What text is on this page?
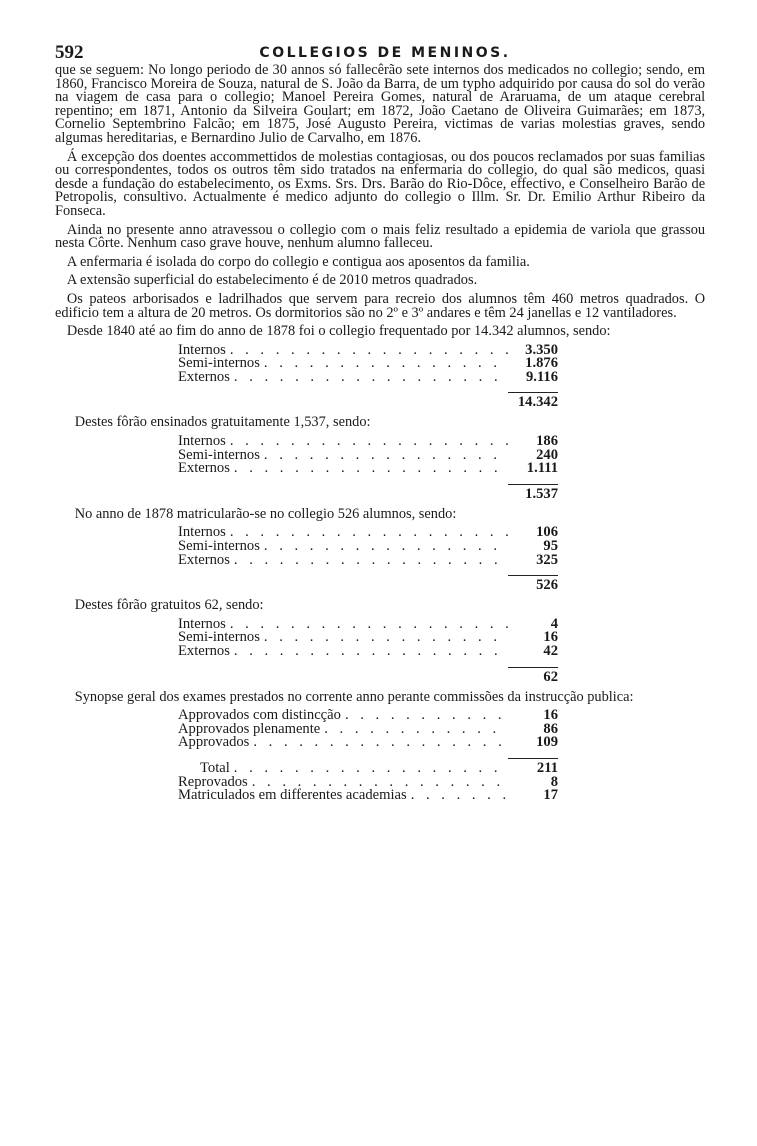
592	COLLEGIOS DE MENINOS.

que se seguem: No longo periodo de 30 annos só fallecêrão sete internos dos medicados no collegio; sendo, em 1860, Francisco Moreira de Souza, natural de S. João da Barra, de um typho adquirido por causa do sol do verão na viagem de casa para o collegio; Manoel Pereira Gomes, natural de Araruama, de um ataque cerebral repentino; em 1871, Antonio da Silveira Goulart; em 1872, João Caetano de Oliveira Guimarães; em 1873, Cornelio Septembrino Falcão; em 1875, José Augusto Pereira, victimas de varias molestias graves, sendo algumas hereditarias, e Bernardino Julio de Carvalho, em 1876.

Á excepção dos doentes accommettidos de molestias contagiosas, ou dos poucos reclamados por suas familias ou correspondentes, todos os outros têm sido tratados na enfermaria do collegio, do qual são medicos, quasi desde a fundação do estabelecimento, os Exms. Srs. Drs. Barão do Rio-Dôce, effectivo, e Conselheiro Barão de Petropolis, consultivo. Actualmente é medico adjunto do collegio o Illm. Sr. Dr. Emilio Arthur Ribeiro da Fonseca.

Ainda no presente anno atravessou o collegio com o mais feliz resultado a epidemia de variola que grassou nesta Côrte. Nenhum caso grave houve, nenhum alumno falleceu.

A enfermaria é isolada do corpo do collegio e contigua aos aposentos da familia.

A extensão superficial do estabelecimento é de 2010 metros quadrados.

Os pateos arborisados e ladrilhados que servem para recreio dos alumnos têm 460 metros quadrados. O edificio tem a altura de 20 metros. Os dormitorios são no 2º e 3º andares e têm 24 janellas e 12 vantiladores.

Desde 1840 até ao fim do anno de 1878 foi o collegio frequentado por 14.342 alumnos, sendo:

Internos . . .	3.350
Semi-internos . . .	1.876
Externos . . .	9.116
14.342

Destes fôrão ensinados gratuitamente 1,537, sendo:

Internos . . .	186
Semi-internos . . .	240
Externos . . .	1.111
1.537

No anno de 1878 matricularão-se no collegio 526 alumnos, sendo:

Internos . . .	106
Semi-internos . . .	95
Externos . . .	325
526

Destes fôrão gratuitos 62, sendo:

Internos . . .	4
Semi-internos . . .	16
Externos . . .	42
62

Synopse geral dos exames prestados no corrente anno perante commissões da instrucção publica:

Approvados com distincção . . .	16
Approvados plenamente . . .	86
Approvados . . .	109
Total . . .	211
Reprovados . . .	8
Matriculados em differentes academias . . .	17
